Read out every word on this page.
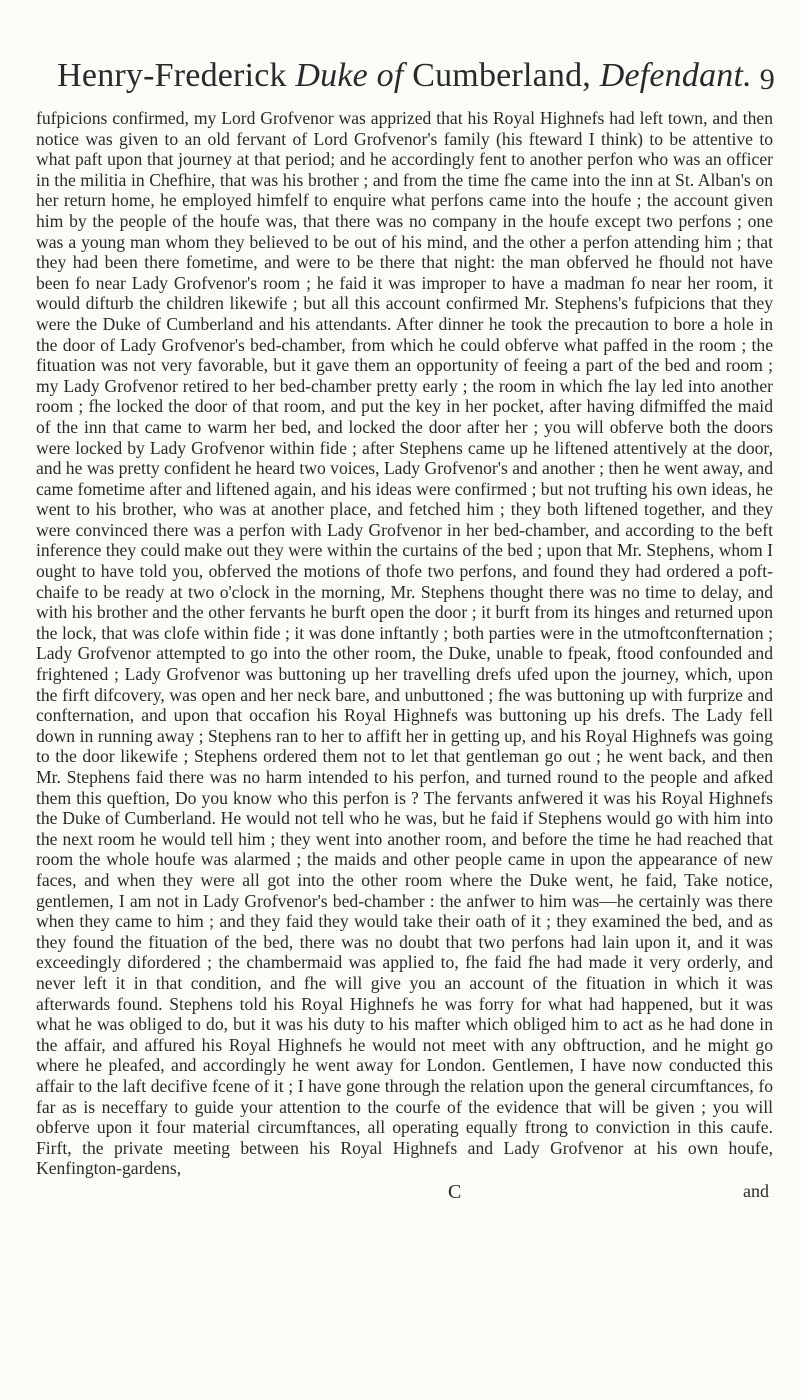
Henry-Frederick Duke of Cumberland, Defendant. 9

fufpicions confirmed, my Lord Grofvenor was apprized that his Royal Highnefs had left town, and then notice was given to an old fervant of Lord Grofvenor's family (his fteward I think) to be attentive to what paft upon that journey at that period; and he accordingly fent to another perfon who was an officer in the militia in Chefhire, that was his brother ; and from the time fhe came into the inn at St. Alban's on her return home, he employed himfelf to enquire what perfons came into the houfe ; the account given him by the people of the houfe was, that there was no company in the houfe except two perfons ; one was a young man whom they believed to be out of his mind, and the other a perfon attending him ; that they had been there fometime, and were to be there that night: the man obferved he fhould not have been fo near Lady Grofvenor's room ; he faid it was improper to have a madman fo near her room, it would difturb the children likewife ; but all this account confirmed Mr. Stephens's fufpicions that they were the Duke of Cumberland and his attendants. After dinner he took the precaution to bore a hole in the door of Lady Grofvenor's bed-chamber, from which he could obferve what paffed in the room ; the fituation was not very favorable, but it gave them an opportunity of feeing a part of the bed and room ; my Lady Grofvenor retired to her bed-chamber pretty early ; the room in which fhe lay led into another room ; fhe locked the door of that room, and put the key in her pocket, after having difmiffed the maid of the inn that came to warm her bed, and locked the door after her ; you will obferve both the doors were locked by Lady Grofvenor within fide ; after Stephens came up he liftened attentively at the door, and he was pretty confident he heard two voices, Lady Grofvenor's and another ; then he went away, and came fometime after and liftened again, and his ideas were confirmed ; but not trufting his own ideas, he went to his brother, who was at another place, and fetched him ; they both liftened together, and they were convinced there was a perfon with Lady Grofvenor in her bed-chamber, and according to the beft inference they could make out they were within the curtains of the bed ; upon that Mr. Stephens, whom I ought to have told you, obferved the motions of thofe two perfons, and found they had ordered a poft-chaife to be ready at two o'clock in the morning, Mr. Stephens thought there was no time to delay, and with his brother and the other fervants he burft open the door ; it burft from its hinges and returned upon the lock, that was clofe within fide ; it was done inftantly ; both parties were in the utmoftconfternation ; Lady Grofvenor attempted to go into the other room, the Duke, unable to fpeak, ftood confounded and frightened ; Lady Grofvenor was buttoning up her travelling drefs ufed upon the journey, which, upon the firft difcovery, was open and her neck bare, and unbuttoned ; fhe was buttoning up with furprize and confternation, and upon that occafion his Royal Highnefs was buttoning up his drefs. The Lady fell down in running away ; Stephens ran to her to affift her in getting up, and his Royal Highnefs was going to the door likewife ; Stephens ordered them not to let that gentleman go out ; he went back, and then Mr. Stephens faid there was no harm intended to his perfon, and turned round to the people and afked them this queftion, Do you know who this perfon is ? The fervants anfwered it was his Royal Highnefs the Duke of Cumberland. He would not tell who he was, but he faid if Stephens would go with him into the next room he would tell him ; they went into another room, and before the time he had reached that room the whole houfe was alarmed ; the maids and other people came in upon the appearance of new faces, and when they were all got into the other room where the Duke went, he faid, Take notice, gentlemen, I am not in Lady Grofvenor's bed-chamber : the anfwer to him was—he certainly was there when they came to him ; and they faid they would take their oath of it ; they examined the bed, and as they found the fituation of the bed, there was no doubt that two perfons had lain upon it, and it was exceedingly difordered ; the chambermaid was applied to, fhe faid fhe had made it very orderly, and never left it in that condition, and fhe will give you an account of the fituation in which it was afterwards found. Stephens told his Royal Highnefs he was forry for what had happened, but it was what he was obliged to do, but it was his duty to his mafter which obliged him to act as he had done in the affair, and affured his Royal Highnefs he would not meet with any obftruction, and he might go where he pleafed, and accordingly he went away for London. Gentlemen, I have now conducted this affair to the laft decifive fcene of it ; I have gone through the relation upon the general circumftances, fo far as is neceffary to guide your attention to the courfe of the evidence that will be given ; you will obferve upon it four material circumftances, all operating equally ftrong to conviction in this caufe. Firft, the private meeting between his Royal Highnefs and Lady Grofvenor at his own houfe, Kenfington-gardens,

C	and
